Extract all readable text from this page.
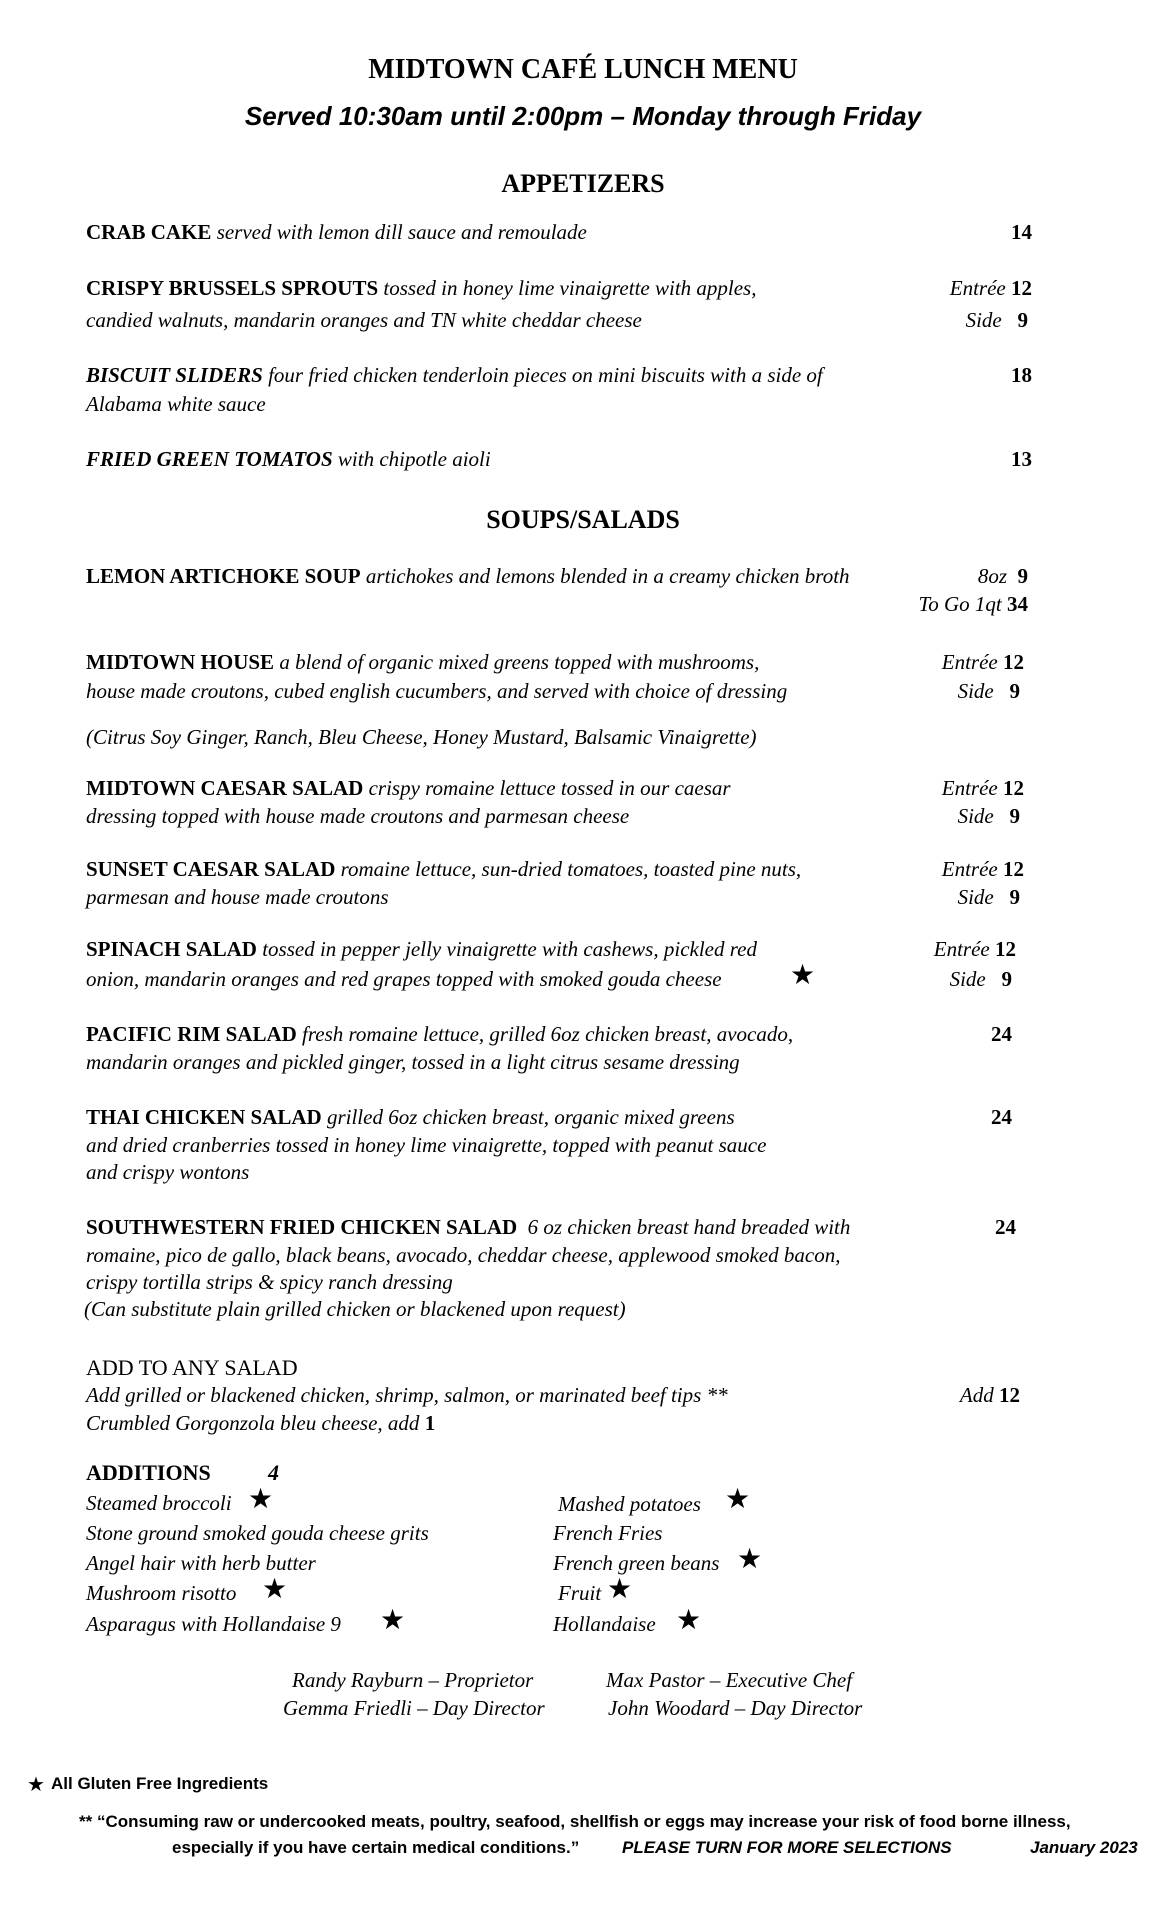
MIDTOWN CAFÉ LUNCH MENU
Served 10:30am until 2:00pm – Monday through Friday
APPETIZERS
CRAB CAKE served with lemon dill sauce and remoulade	14
CRISPY BRUSSELS SPROUTS tossed in honey lime vinaigrette with apples,
candied walnuts, mandarin oranges and TN white cheddar cheese
Entrée 12
Side   9
BISCUIT SLIDERS four fried chicken tenderloin pieces on mini biscuits with a side of
Alabama white sauce
18
FRIED GREEN TOMATOS with chipotle aioli	13
SOUPS/SALADS
LEMON ARTICHOKE SOUP artichokes and lemons blended in a creamy chicken broth	8oz  9
To Go 1qt 34
MIDTOWN HOUSE a blend of organic mixed greens topped with mushrooms,
house made croutons, cubed english cucumbers, and served with choice of dressing
(Citrus Soy Ginger, Ranch, Bleu Cheese, Honey Mustard, Balsamic Vinaigrette)
Entrée 12
Side   9
MIDTOWN CAESAR SALAD crispy romaine lettuce tossed in our caesar
dressing topped with house made croutons and parmesan cheese
Entrée 12
Side   9
SUNSET CAESAR SALAD romaine lettuce, sun-dried tomatoes, toasted pine nuts,
parmesan and house made croutons
Entrée 12
Side   9
SPINACH SALAD tossed in pepper jelly vinaigrette with cashews, pickled red
onion, mandarin oranges and red grapes topped with smoked gouda cheese ★
Entrée 12
Side   9
PACIFIC RIM SALAD fresh romaine lettuce, grilled 6oz chicken breast, avocado,
mandarin oranges and pickled ginger, tossed in a light citrus sesame dressing
24
THAI CHICKEN SALAD grilled 6oz chicken breast, organic mixed greens
and dried cranberries tossed in honey lime vinaigrette, topped with peanut sauce
and crispy wontons
24
SOUTHWESTERN FRIED CHICKEN SALAD  6 oz chicken breast hand breaded with
romaine, pico de gallo, black beans, avocado, cheddar cheese, applewood smoked bacon,
crispy tortilla strips & spicy ranch dressing
(Can substitute plain grilled chicken or blackened upon request)
24
ADD TO ANY SALAD
Add grilled or blackened chicken, shrimp, salmon, or marinated beef tips **	Add 12
Crumbled Gorgonzola bleu cheese, add 1
ADDITIONS	4
Steamed broccoli ★
Stone ground smoked gouda cheese grits
Angel hair with herb butter
Mushroom risotto ★
Asparagus with Hollandaise 9 ★
Mashed potatoes ★
French Fries
French green beans ★
Fruit ★
Hollandaise ★
Randy Rayburn – Proprietor	Max Pastor – Executive Chef
Gemma Friedli – Day Director	John Woodard – Day Director
★ All Gluten Free Ingredients
** “Consuming raw or undercooked meats, poultry, seafood, shellfish or eggs may increase your risk of food borne illness,
especially if you have certain medical conditions.”	PLEASE TURN FOR MORE SELECTIONS	January 2023
